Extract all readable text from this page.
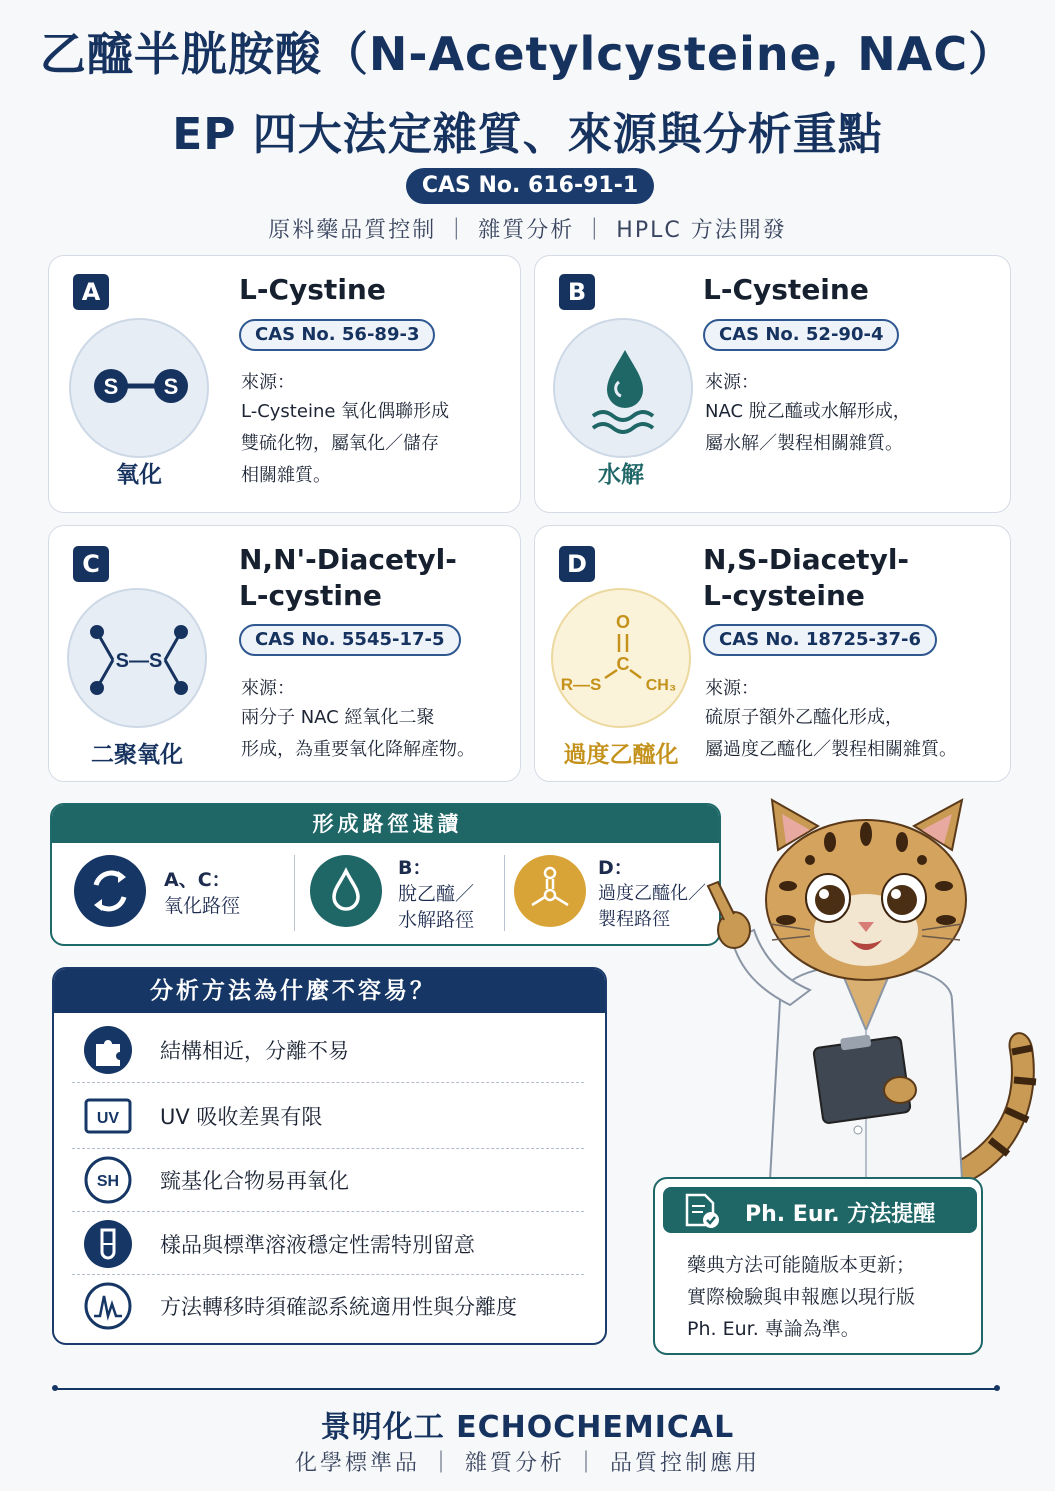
乙醯半胱胺酸（N-Acetylcysteine, NAC）
EP 四大法定雜質、來源與分析重點
CAS No. 616-91-1
原料藥品質控制 ｜ 雜質分析 ｜ HPLC 方法開發
A
S S
氧化
L-Cystine
CAS No. 56-89-3
來源：
L-Cysteine 氧化偶聯形成
雙硫化物，屬氧化／儲存
相關雜質。
B
水解
L-Cysteine
CAS No. 52-90-4
來源：
NAC 脫乙醯或水解形成，
屬水解／製程相關雜質。
C
S—S
二聚氧化
N,N'-Diacetyl-
L-cystine
CAS No. 5545-17-5
來源：
兩分子 NAC 經氧化二聚
形成，為重要氧化降解產物。
D
O
C
R—S	CH₃
過度乙醯化
N,S-Diacetyl-
L-cysteine
CAS No. 18725-37-6
來源：
硫原子額外乙醯化形成，
屬過度乙醯化／製程相關雜質。
形成路徑速讀
A、C：
氧化路徑
B：
脫乙醯／
水解路徑
D：
過度乙醯化／
製程路徑
分析方法為什麼不容易？
結構相近，分離不易
UV UV 吸收差異有限
SH 巰基化合物易再氧化
樣品與標準溶液穩定性需特別留意
方法轉移時須確認系統適用性與分離度
Ph. Eur. 方法提醒
藥典方法可能隨版本更新；
實際檢驗與申報應以現行版
Ph. Eur. 專論為準。
景明化工 ECHOCHEMICAL
化學標準品 ｜ 雜質分析 ｜ 品質控制應用
